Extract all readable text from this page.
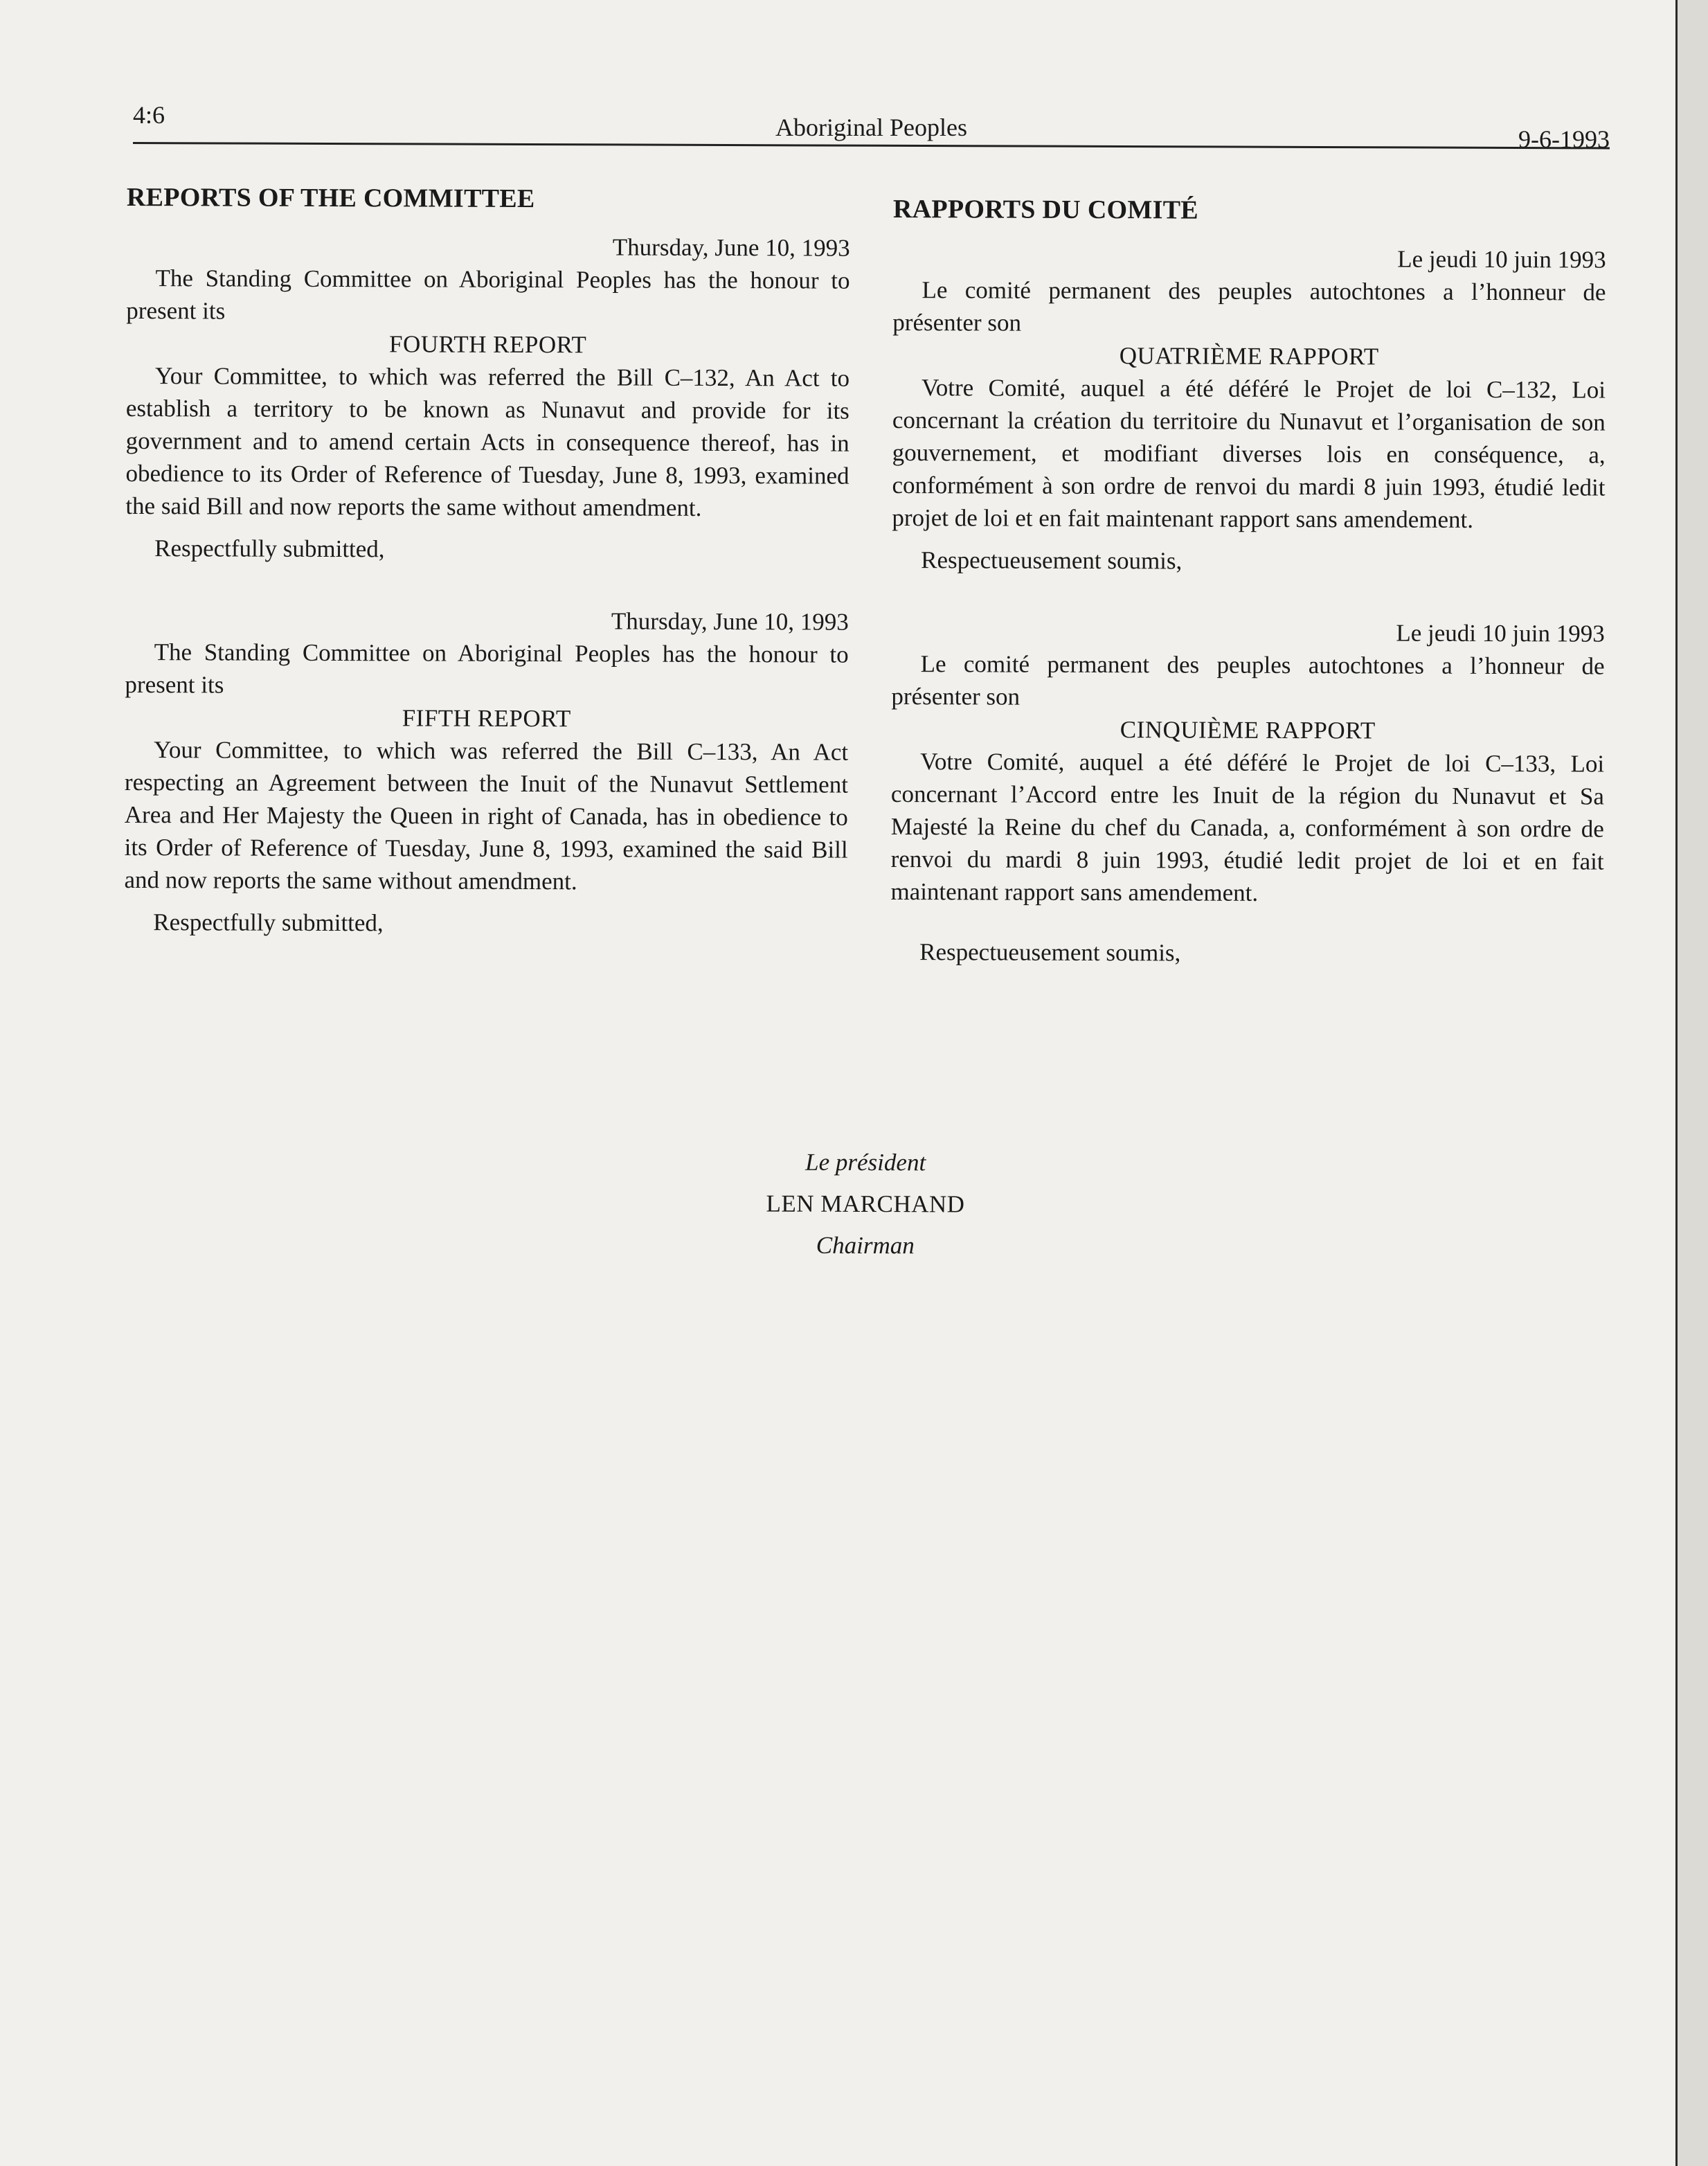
4:6	Aboriginal Peoples	9-6-1993
REPORTS OF THE COMMITTEE

Thursday, June 10, 1993

The Standing Committee on Aboriginal Peoples has the honour to present its

FOURTH REPORT

Your Committee, to which was referred the Bill C–132, An Act to establish a territory to be known as Nunavut and provide for its government and to amend certain Acts in consequence thereof, has in obedience to its Order of Reference of Tuesday, June 8, 1993, examined the said Bill and now reports the same without amendment.

Respectfully submitted,

Thursday, June 10, 1993

The Standing Committee on Aboriginal Peoples has the honour to present its

FIFTH REPORT

Your Committee, to which was referred the Bill C–133, An Act respecting an Agreement between the Inuit of the Nunavut Settlement Area and Her Majesty the Queen in right of Canada, has in obedience to its Order of Reference of Tuesday, June 8, 1993, examined the said Bill and now reports the same without amendment.

Respectfully submitted,

RAPPORTS DU COMITÉ

Le jeudi 10 juin 1993

Le comité permanent des peuples autochtones a l’honneur de présenter son

QUATRIÈME RAPPORT

Votre Comité, auquel a été déféré le Projet de loi C–132, Loi concernant la création du territoire du Nunavut et l’organisation de son gouvernement, et modifiant diverses lois en conséquence, a, conformément à son ordre de renvoi du mardi 8 juin 1993, étudié ledit projet de loi et en fait maintenant rapport sans amendement.

Respectueusement soumis,

Le jeudi 10 juin 1993

Le comité permanent des peuples autochtones a l’honneur de présenter son

CINQUIÈME RAPPORT

Votre Comité, auquel a été déféré le Projet de loi C–133, Loi concernant l’Accord entre les Inuit de la région du Nunavut et Sa Majesté la Reine du chef du Canada, a, conformément à son ordre de renvoi du mardi 8 juin 1993, étudié ledit projet de loi et en fait maintenant rapport sans amendement.

Respectueusement soumis,

Le président
LEN MARCHAND
Chairman
